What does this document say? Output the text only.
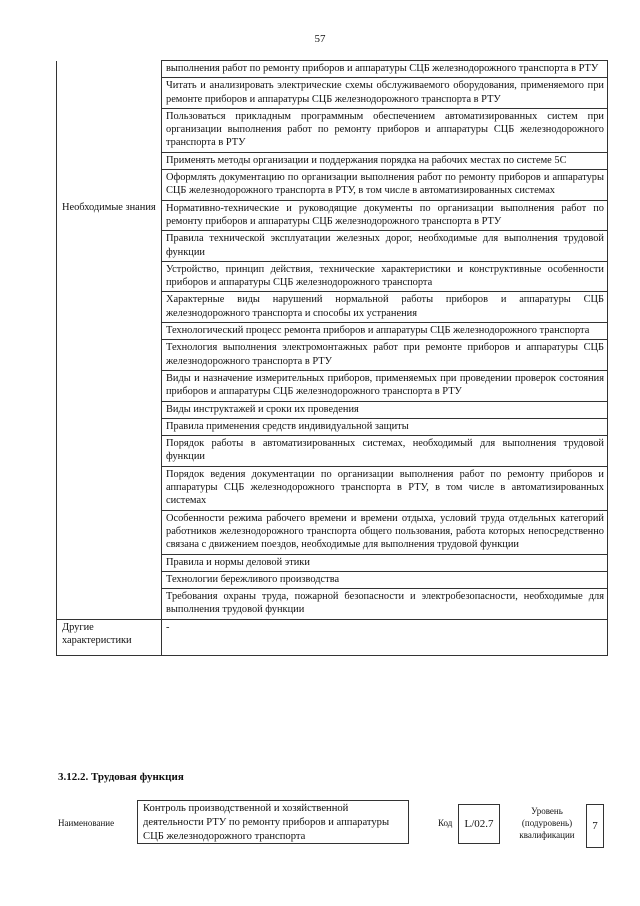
57
	выполнения работ по ремонту приборов и аппаратуры СЦБ железнодорожного транспорта в РТУ
	Читать и анализировать электрические схемы обслуживаемого оборудования, применяемого при ремонте приборов и аппаратуры СЦБ железнодорожного транспорта в РТУ
	Пользоваться прикладным программным обеспечением автоматизированных систем при организации выполнения работ по ремонту приборов и аппаратуры СЦБ железнодорожного транспорта в РТУ
	Применять методы организации и поддержания порядка на рабочих местах по системе 5С
	Оформлять документацию по организации выполнения работ по ремонту приборов и аппаратуры СЦБ железнодорожного транспорта в РТУ, в том числе в автоматизированных системах
Необходимые знания	Нормативно-технические и руководящие документы по организации выполнения работ по ремонту приборов и аппаратуры СЦБ железнодорожного транспорта в РТУ
	Правила технической эксплуатации железных дорог, необходимые для выполнения трудовой функции
	Устройство, принцип действия, технические характеристики и конструктивные особенности приборов и аппаратуры СЦБ железнодорожного транспорта
	Характерные виды нарушений нормальной работы приборов и аппаратуры СЦБ железнодорожного транспорта и способы их устранения
	Технологический процесс ремонта приборов и аппаратуры СЦБ железнодорожного транспорта
	Технология выполнения электромонтажных работ при ремонте приборов и аппаратуры СЦБ железнодорожного транспорта в РТУ
	Виды и назначение измерительных приборов, применяемых при проведении проверок состояния приборов и аппаратуры СЦБ железнодорожного транспорта в РТУ
	Виды инструктажей и сроки их проведения
	Правила применения средств индивидуальной защиты
	Порядок работы в автоматизированных системах, необходимый для выполнения трудовой функции
	Порядок ведения документации по организации выполнения работ по ремонту приборов и аппаратуры СЦБ железнодорожного транспорта в РТУ, в том числе в автоматизированных системах
	Особенности режима рабочего времени и времени отдыха, условий труда отдельных категорий работников железнодорожного транспорта общего пользования, работа которых непосредственно связана с движением поездов, необходимые для выполнения трудовой функции
	Правила и нормы деловой этики
	Технологии бережливого производства
	Требования охраны труда, пожарной безопасности и электробезопасности, необходимые для выполнения трудовой функции
Другие характеристики	-
3.12.2. Трудовая функция
Наименование
Контроль производственной и хозяйственной деятельности РТУ по ремонту приборов и аппаратуры СЦБ железнодорожного транспорта
Код	L/02.7
Уровень (подуровень) квалификации
7
